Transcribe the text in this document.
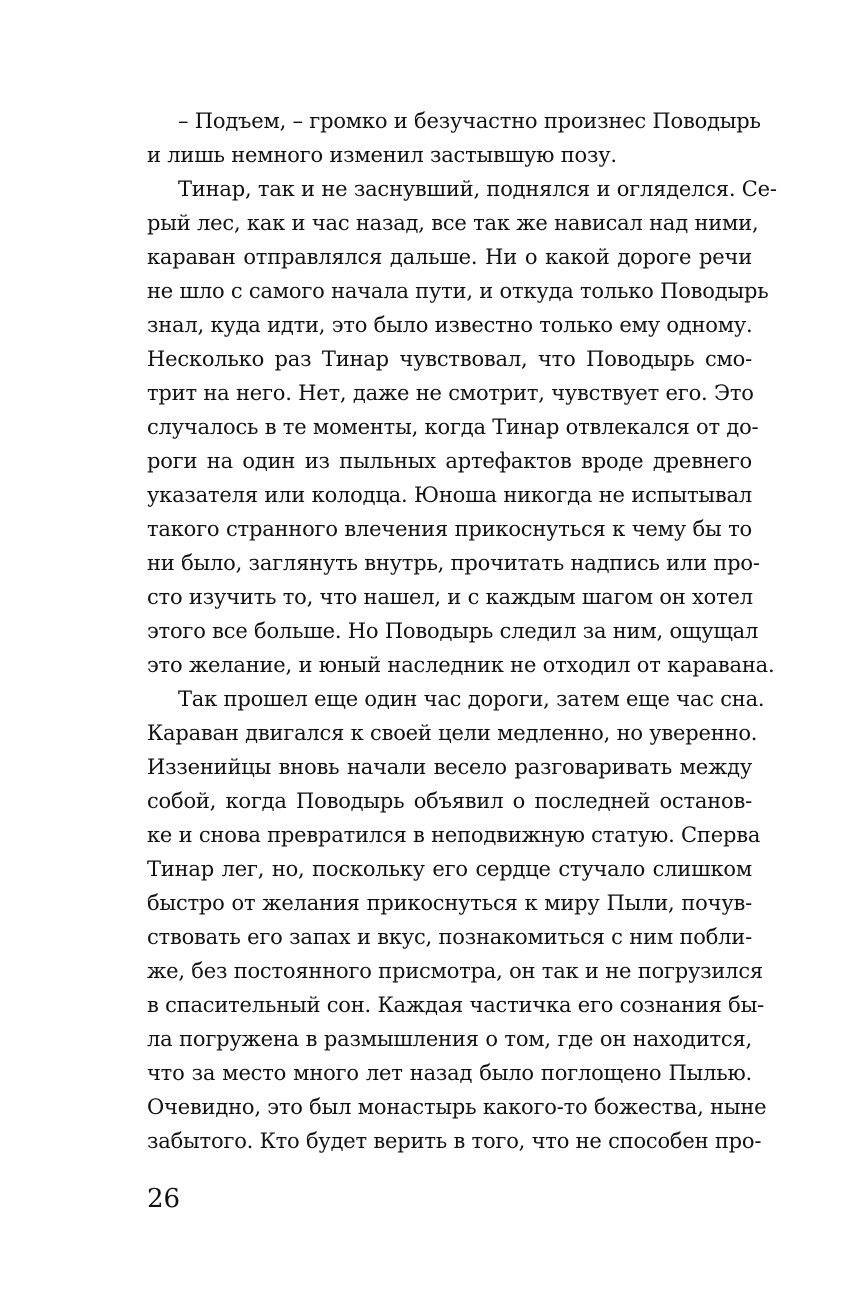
– Подъем, – громко и безучастно произнес Поводырь
и лишь немного изменил застывшую позу.
Тинар, так и не заснувший, поднялся и огляделся. Се-
рый лес, как и час назад, все так же нависал над ними,
караван отправлялся дальше. Ни о какой дороге речи
не шло с самого начала пути, и откуда только Поводырь
знал, куда идти, это было известно только ему одному.
Несколько раз Тинар чувствовал, что Поводырь смо-
трит на него. Нет, даже не смотрит, чувствует его. Это
случалось в те моменты, когда Тинар отвлекался от до-
роги на один из пыльных артефактов вроде древнего
указателя или колодца. Юноша никогда не испытывал
такого странного влечения прикоснуться к чему бы то
ни было, заглянуть внутрь, прочитать надпись или про-
сто изучить то, что нашел, и с каждым шагом он хотел
этого все больше. Но Поводырь следил за ним, ощущал
это желание, и юный наследник не отходил от каравана.
Так прошел еще один час дороги, затем еще час сна.
Караван двигался к своей цели медленно, но уверенно.
Иззенийцы вновь начали весело разговаривать между
собой, когда Поводырь объявил о последней останов-
ке и снова превратился в неподвижную статую. Сперва
Тинар лег, но, поскольку его сердце стучало слишком
быстро от желания прикоснуться к миру Пыли, почув-
ствовать его запах и вкус, познакомиться с ним побли-
же, без постоянного присмотра, он так и не погрузился
в спасительный сон. Каждая частичка его сознания бы-
ла погружена в размышления о том, где он находится,
что за место много лет назад было поглощено Пылью.
Очевидно, это был монастырь какого-то божества, ныне
забытого. Кто будет верить в того, что не способен про-
26
